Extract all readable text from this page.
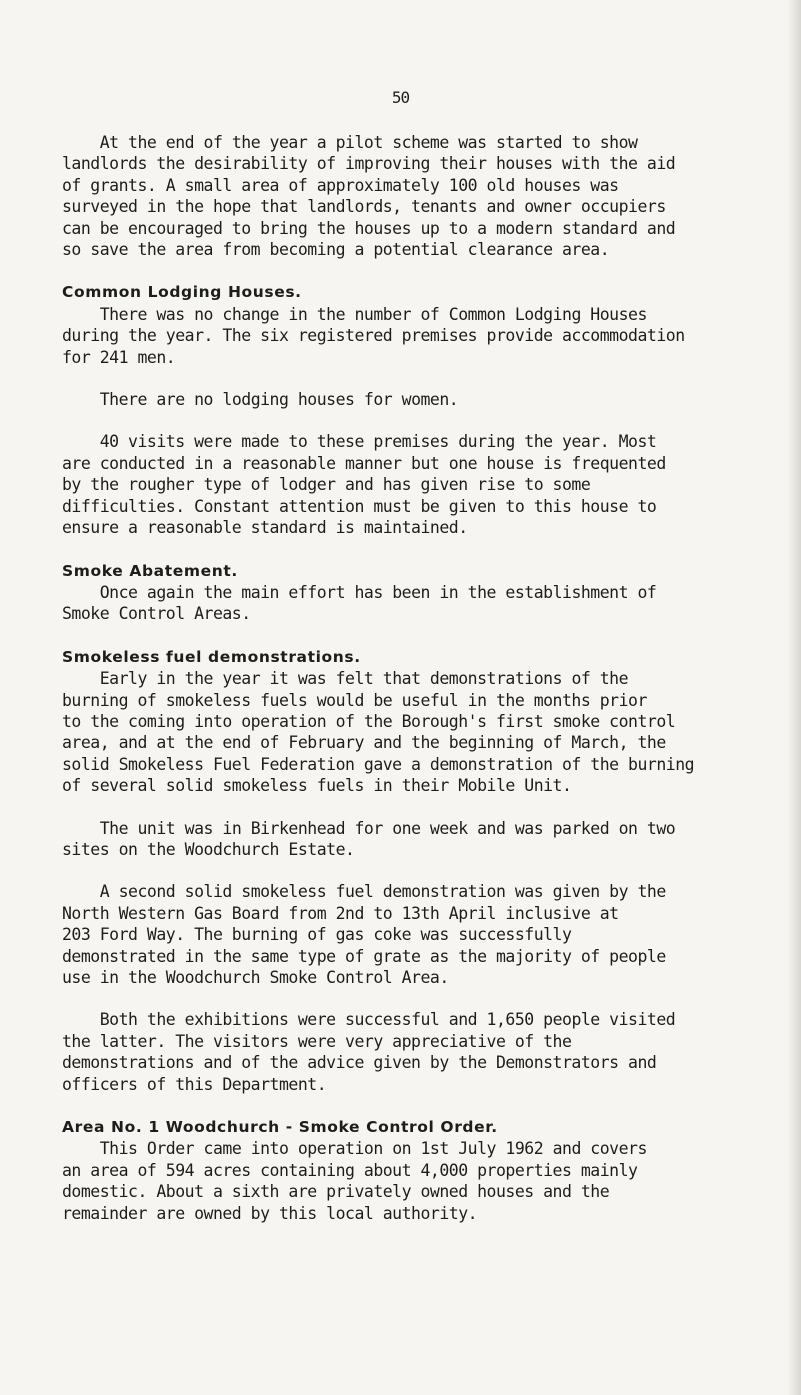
50
At the end of the year a pilot scheme was started to show
landlords the desirability of improving their houses with the aid
of grants. A small area of approximately 100 old houses was
surveyed in the hope that landlords, tenants and owner occupiers
can be encouraged to bring the houses up to a modern standard and
so save the area from becoming a potential clearance area.
Common Lodging Houses.
There was no change in the number of Common Lodging Houses
during the year. The six registered premises provide accommodation
for 241 men.
There are no lodging houses for women.
40 visits were made to these premises during the year. Most
are conducted in a reasonable manner but one house is frequented
by the rougher type of lodger and has given rise to some
difficulties. Constant attention must be given to this house to
ensure a reasonable standard is maintained.
Smoke Abatement.
Once again the main effort has been in the establishment of
Smoke Control Areas.
Smokeless fuel demonstrations.
Early in the year it was felt that demonstrations of the
burning of smokeless fuels would be useful in the months prior
to the coming into operation of the Borough's first smoke control
area, and at the end of February and the beginning of March, the
solid Smokeless Fuel Federation gave a demonstration of the burning
of several solid smokeless fuels in their Mobile Unit.
The unit was in Birkenhead for one week and was parked on two
sites on the Woodchurch Estate.
A second solid smokeless fuel demonstration was given by the
North Western Gas Board from 2nd to 13th April inclusive at
203 Ford Way. The burning of gas coke was successfully
demonstrated in the same type of grate as the majority of people
use in the Woodchurch Smoke Control Area.
Both the exhibitions were successful and 1,650 people visited
the latter. The visitors were very appreciative of the
demonstrations and of the advice given by the Demonstrators and
officers of this Department.
Area No. 1 Woodchurch - Smoke Control Order.
This Order came into operation on 1st July 1962 and covers
an area of 594 acres containing about 4,000 properties mainly
domestic. About a sixth are privately owned houses and the
remainder are owned by this local authority.
